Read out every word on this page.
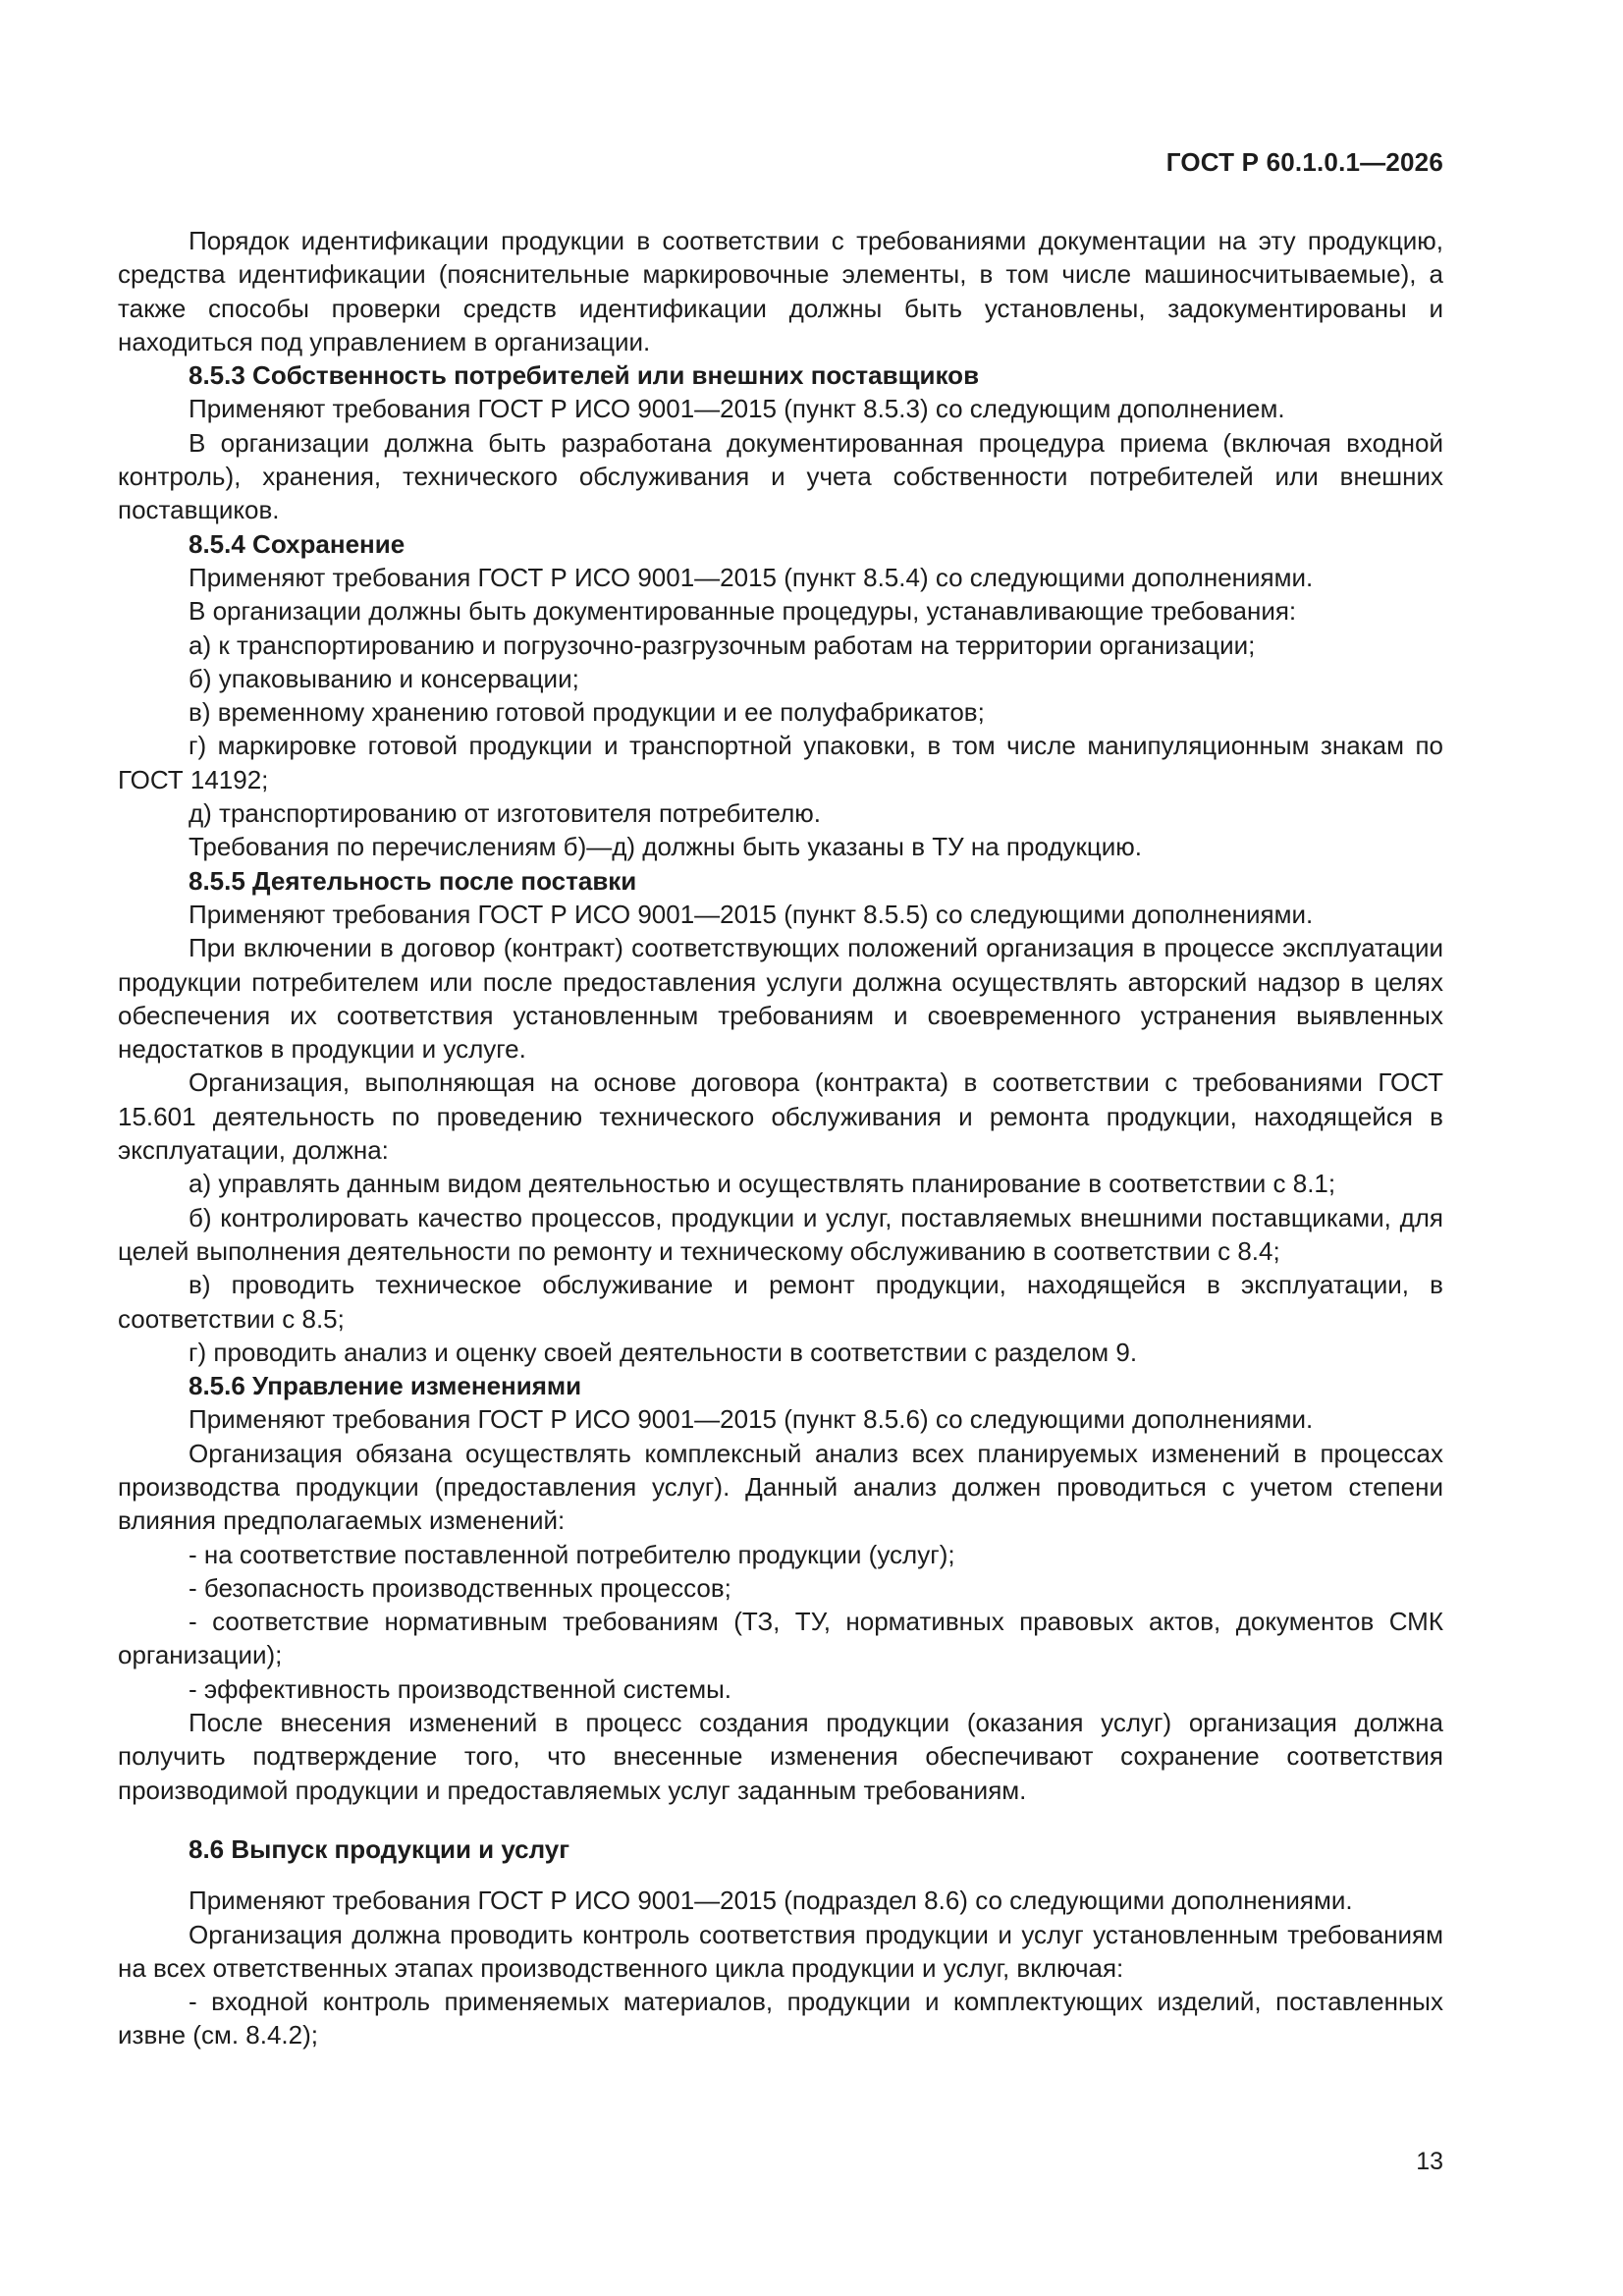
ГОСТ Р 60.1.0.1—2026

Порядок идентификации продукции в соответствии с требованиями документации на эту продукцию, средства идентификации (пояснительные маркировочные элементы, в том числе машиносчитываемые), а также способы проверки средств идентификации должны быть установлены, задокументированы и находиться под управлением в организации.

8.5.3 Собственность потребителей или внешних поставщиков

Применяют требования ГОСТ Р ИСО 9001—2015 (пункт 8.5.3) со следующим дополнением.

В организации должна быть разработана документированная процедура приема (включая входной контроль), хранения, технического обслуживания и учета собственности потребителей или внешних поставщиков.

8.5.4 Сохранение

Применяют требования ГОСТ Р ИСО 9001—2015 (пункт 8.5.4) со следующими дополнениями.

В организации должны быть документированные процедуры, устанавливающие требования:

а) к транспортированию и погрузочно-разгрузочным работам на территории организации;

б) упаковыванию и консервации;

в) временному хранению готовой продукции и ее полуфабрикатов;

г) маркировке готовой продукции и транспортной упаковки, в том числе манипуляционным знакам по ГОСТ 14192;

д) транспортированию от изготовителя потребителю.

Требования по перечислениям б)—д) должны быть указаны в ТУ на продукцию.

8.5.5 Деятельность после поставки

Применяют требования ГОСТ Р ИСО 9001—2015 (пункт 8.5.5) со следующими дополнениями.

При включении в договор (контракт) соответствующих положений организация в процессе эксплуатации продукции потребителем или после предоставления услуги должна осуществлять авторский надзор в целях обеспечения их соответствия установленным требованиям и своевременного устранения выявленных недостатков в продукции и услуге.

Организация, выполняющая на основе договора (контракта) в соответствии с требованиями ГОСТ 15.601 деятельность по проведению технического обслуживания и ремонта продукции, находящейся в эксплуатации, должна:

а) управлять данным видом деятельностью и осуществлять планирование в соответствии с 8.1;

б) контролировать качество процессов, продукции и услуг, поставляемых внешними поставщиками, для целей выполнения деятельности по ремонту и техническому обслуживанию в соответствии с 8.4;

в) проводить техническое обслуживание и ремонт продукции, находящейся в эксплуатации, в соответствии с 8.5;

г) проводить анализ и оценку своей деятельности в соответствии с разделом 9.

8.5.6 Управление изменениями

Применяют требования ГОСТ Р ИСО 9001—2015 (пункт 8.5.6) со следующими дополнениями.

Организация обязана осуществлять комплексный анализ всех планируемых изменений в процессах производства продукции (предоставления услуг). Данный анализ должен проводиться с учетом степени влияния предполагаемых изменений:

- на соответствие поставленной потребителю продукции (услуг);

- безопасность производственных процессов;

- соответствие нормативным требованиям (ТЗ, ТУ, нормативных правовых актов, документов СМК организации);

- эффективность производственной системы.

После внесения изменений в процесс создания продукции (оказания услуг) организация должна получить подтверждение того, что внесенные изменения обеспечивают сохранение соответствия производимой продукции и предоставляемых услуг заданным требованиям.

8.6 Выпуск продукции и услуг

Применяют требования ГОСТ Р ИСО 9001—2015 (подраздел 8.6) со следующими дополнениями.

Организация должна проводить контроль соответствия продукции и услуг установленным требованиям на всех ответственных этапах производственного цикла продукции и услуг, включая:

- входной контроль применяемых материалов, продукции и комплектующих изделий, поставленных извне (см. 8.4.2);

13
